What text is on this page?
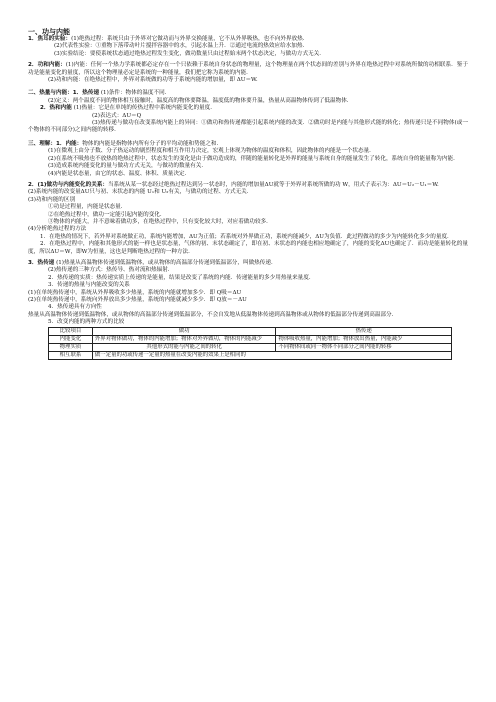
一、功与内能

1．焦耳的实验：(1)绝热过程：系统只由于外界对它做功而与外界交换能量，它不从外界吸热，也不向外界放热．

(2)代表性实验：①重物下落带动叶片搅拌容器中的水，引起水温上升．②通过电流的热效应给水加热．

(3)实验结论：要使系统状态通过绝热过程发生变化，做功数量只由过程始末两个状态决定，与做功方式无关．

2．功和内能：(1)内能：任何一个热力学系统都必定存在一个只依赖于系统自身状态的物理量，这个物理量在两个状态间的差别与外界在绝热过程中对系统所做的功相联系．鉴于功是能量变化的量度，所以这个物理量必定是系统的一种能量，我们把它称为系统的内能．

(2)功和内能：在绝热过程中，外界对系统做的功等于系统内能的增加量，即 ΔU＝W.

二、热量与内能：1．热传递 (1)条件：物体的温度不同．

(2)定义：两个温度不同的物体相互接触时，温度高的物体要降温，温度低的物体要升温，热量从高温物体传到了低温物体．

2．热和内能 (1)热量：它是在单纯的传热过程中系统内能变化的量度．

(2)表达式：ΔU＝Q

(3)热传递与做功在改变系统内能上的异同：①做功和热传递都能引起系统内能的改变．②做功时是内能与其他形式能的转化；热传递只是不同物体(或一个物体的不同部分)之间内能的转移．

三、理解：1．内能：物体的内能是指物体内所有分子的平均动能和势能之和．

(1)在微观上由分子数、分子热运动的剧烈程度和相互作用力决定，宏观上体现为物体的温度和体积，因此物体的内能是一个状态量．

(2)在系统不吸热也不放热的绝热过程中，状态发生的变化是由于做功造成的，伴随的能量转化是外界的能量与系统自身的能量发生了转化，系统自身的能量称为内能．

(3)造成系统内能变化的量与做功方式无关，与做功的数量有关．

(4)内能是状态量，由它的状态、温度、体积、质量决定．

2．(1)做功与内能变化的关系：当系统从某一状态经过绝热过程达到另一状态时，内能的增加量ΔU就等于外界对系统所做的功 W，用式子表示为：ΔU＝U₂－U₁＝W.

(2)系统内能的改变量ΔU只与初、末状态的内能 U₁和 U₂有关，与做功的过程、方式无关．

(3)功和内能的区别

①功是过程量，内能是状态量．

②在绝热过程中，做功一定能引起内能的变化．

③物体的内能大，并不意味着做功多，在绝热过程中，只有变化较大时，对应着做功较多．

(4)分析绝热过程的方法

1．在绝热的情况下，若外界对系统做正功，系统内能增加，ΔU为正值；若系统对外界做正功，系统内能减少，ΔU为负值．此过程做功的多少为内能转化多少的量度．

2．在绝热过程中，内能和其他形式的能一样也是状态量，气体的初、末状态确定了，即在初、末状态的内能也相应地确定了，内能的变化ΔU也确定了．而功是能量转化的量度，所以ΔU＝W，即W为恒量，这也是判断绝热过程的一种方法．

3．热传递 (1)热量从高温物体传递到低温物体，或从物体的高温部分传递到低温部分，叫做热传递．

(2)热传递的三种方式：热传导、热对流和热辐射．

2．热传递的实质：热传递实质上传递的是能量，结果是改变了系统的内能．传递能量的多少用热量来量度．

3．传递的热量与内能改变的关系

(1)在单纯热传递中，系统从外界吸收多少热量，系统的内能就增加多少．即 Q吸＝ΔU

(2)在单纯热传递中，系统向外界放出多少热量，系统的内能就减少多少．即 Q放＝－ΔU

4．热传递具有方向性

热量从高温物体传递到低温物体，或从物体的高温部分传递到低温部分，不会自发地从低温物体传递到高温物体或从物体的低温部分传递到高温部分．

5．改变内能的两种方式的比较

比较项目	做功	热传递
内能变化	外界对物体做功，物体的内能增加；物体对外界做功，物体的内能减少	物体吸收热量，内能增加；物体放出热量，内能减少
物理实质	其他形式的能与内能之间的转化	不同物体间或同一物体不同部分之间内能的转移
相互联系	做一定量的功或传递一定量的热量在改变内能的效果上是相同的	
